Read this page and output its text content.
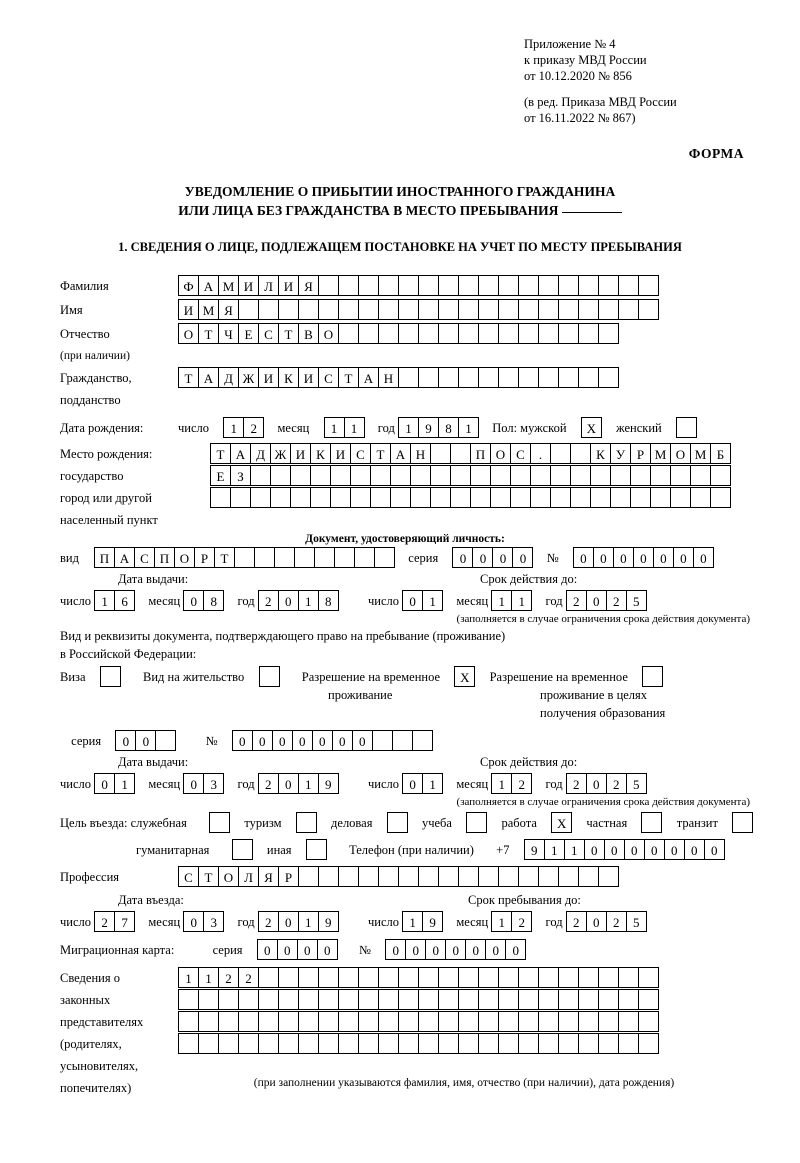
Приложение № 4
к приказу МВД России
от 10.12.2020 № 856
(в ред. Приказа МВД России
от 16.11.2022 № 867)
ФОРМА
УВЕДОМЛЕНИЕ О ПРИБЫТИИ ИНОСТРАННОГО ГРАЖДАНИНА
ИЛИ ЛИЦА БЕЗ ГРАЖДАНСТВА В МЕСТО ПРЕБЫВАНИЯ
1. СВЕДЕНИЯ О ЛИЦЕ, ПОДЛЕЖАЩЕМ ПОСТАНОВКЕ НА УЧЕТ ПО МЕСТУ ПРЕБЫВАНИЯ
Фамилия	Ф А М И Л И Я
Имя	И М Я
Отчество	О Т Ч Е С Т В О
(при наличии)
Гражданство,	Т А Д Ж И К И С Т А Н
подданство
Дата рождения:	число 1 2 месяц 1 1 год 1 9 8 1 Пол: мужской X женский
Место рождения:	Т А Д Ж И К И С Т А Н	П О С .	К У Р М О М Б
государство	Е З
город или другой
населенный пункт
Документ, удостоверяющий личность:
вид	П А С П О Р Т	серия 0 0 0 0 № 0 0 0 0 0 0 0
Дата выдачи:	Срок действия до:
число 1 6 месяц 0 8 год 2 0 1 8	число 0 1 месяц 1 1 год 2 0 2 5
(заполняется в случае ограничения срока действия документа)
Вид и реквизиты документа, подтверждающего право на пребывание (проживание)
в Российской Федерации:
Виза	Вид на жительство	Разрешение на временное X Разрешение на временное
проживание	проживание в целях
получения образования
серия 0 0	№ 0 0 0 0 0 0 0
Дата выдачи:	Срок действия до:
число 0 1 месяц 0 3 год 2 0 1 9	число 0 1 месяц 1 2 год 2 0 2 5
(заполняется в случае ограничения срока действия документа)
Цель въезда: служебная	туризм	деловая	учеба	работа X частная	транзит
гуманитарная	иная	Телефон (при наличии) +7 9 1 1 0 0 0 0 0 0 0
Профессия	С Т О Л Я Р
Дата въезда:	Срок пребывания до:
число 2 7 месяц 0 3 год 2 0 1 9	число 1 9 месяц 1 2 год 2 0 2 5
Миграционная карта:	серия 0 0 0 0 № 0 0 0 0 0 0 0
Сведения о	1 1 2 2
законных
представителях
(родителях,
усыновителях,
попечителях)	(при заполнении указываются фамилия, имя, отчество (при наличии), дата рождения)
